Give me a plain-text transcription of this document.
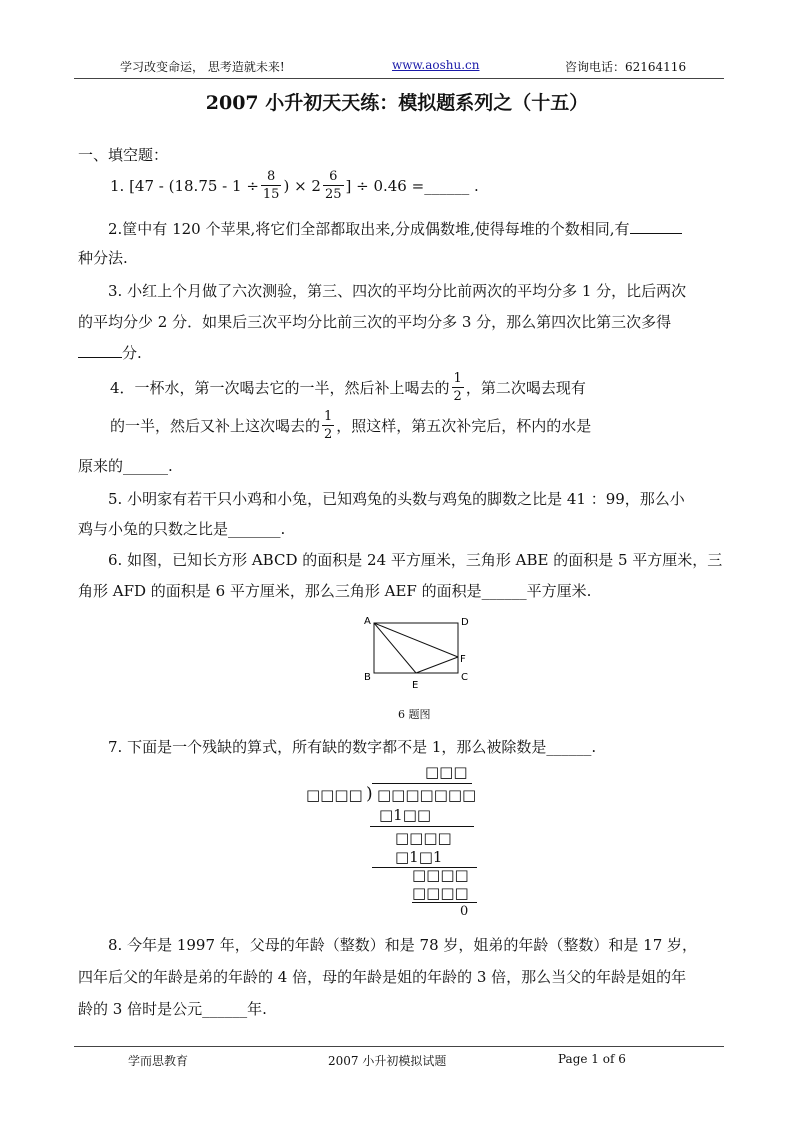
学习改变命运， 思考造就未来!	www.aoshu.cn	咨询电话：62164116
2007 小升初天天练：模拟题系列之（十五）
一、填空题：
1. [$47 - (18.75 - 1 \div \frac{8}{15}$ ) × $2 \frac{6}{25}$ ] ÷ 0.46 =______ .
2.筐中有 120 个苹果,将它们全部都取出来,分成偶数堆,使得每堆的个数相同,有
种分法.
3. 小红上个月做了六次测验，第三、四次的平均分比前两次的平均分多 1 分，比后两次
的平均分少 2 分．如果后三次平均分比前三次的平均分多 3 分，那么第四次比第三次多得
分.
4．一杯水，第一次喝去它的一半，然后补上喝去的 $\frac{1}{2}$ ，第二次喝去现有
的一半，然后又补上这次喝去的 $\frac{1}{2}$ ，照这样，第五次补完后，杯内的水是
原来的______.
5. 小明家有若干只小鸡和小兔，已知鸡兔的头数与鸡兔的脚数之比是 41 ：99，那么小
鸡与小兔的只数之比是_______.
6. 如图，已知长方形 ABCD 的面积是 24 平方厘米，三角形 ABE 的面积是 5 平方厘米，三
角形 AFD 的面积是 6 平方厘米，那么三角形 AEF 的面积是______平方厘米.
A	D
B	C
E
F
6 题图
7. 下面是一个残缺的算式，所有缺的数字都不是 1，那么被除数是______.
□□□
□□□□ ) □□□□□□□
□1□□
□□□□
□1□1
□□□□
□□□□
0
8. 今年是 1997 年，父母的年龄（整数）和是 78 岁，姐弟的年龄（整数）和是 17 岁，
四年后父的年龄是弟的年龄的 4 倍，母的年龄是姐的年龄的 3 倍，那么当父的年龄是姐的年
龄的 3 倍时是公元______年.
学而思教育	2007 小升初模拟试题	Page 1 of 6
